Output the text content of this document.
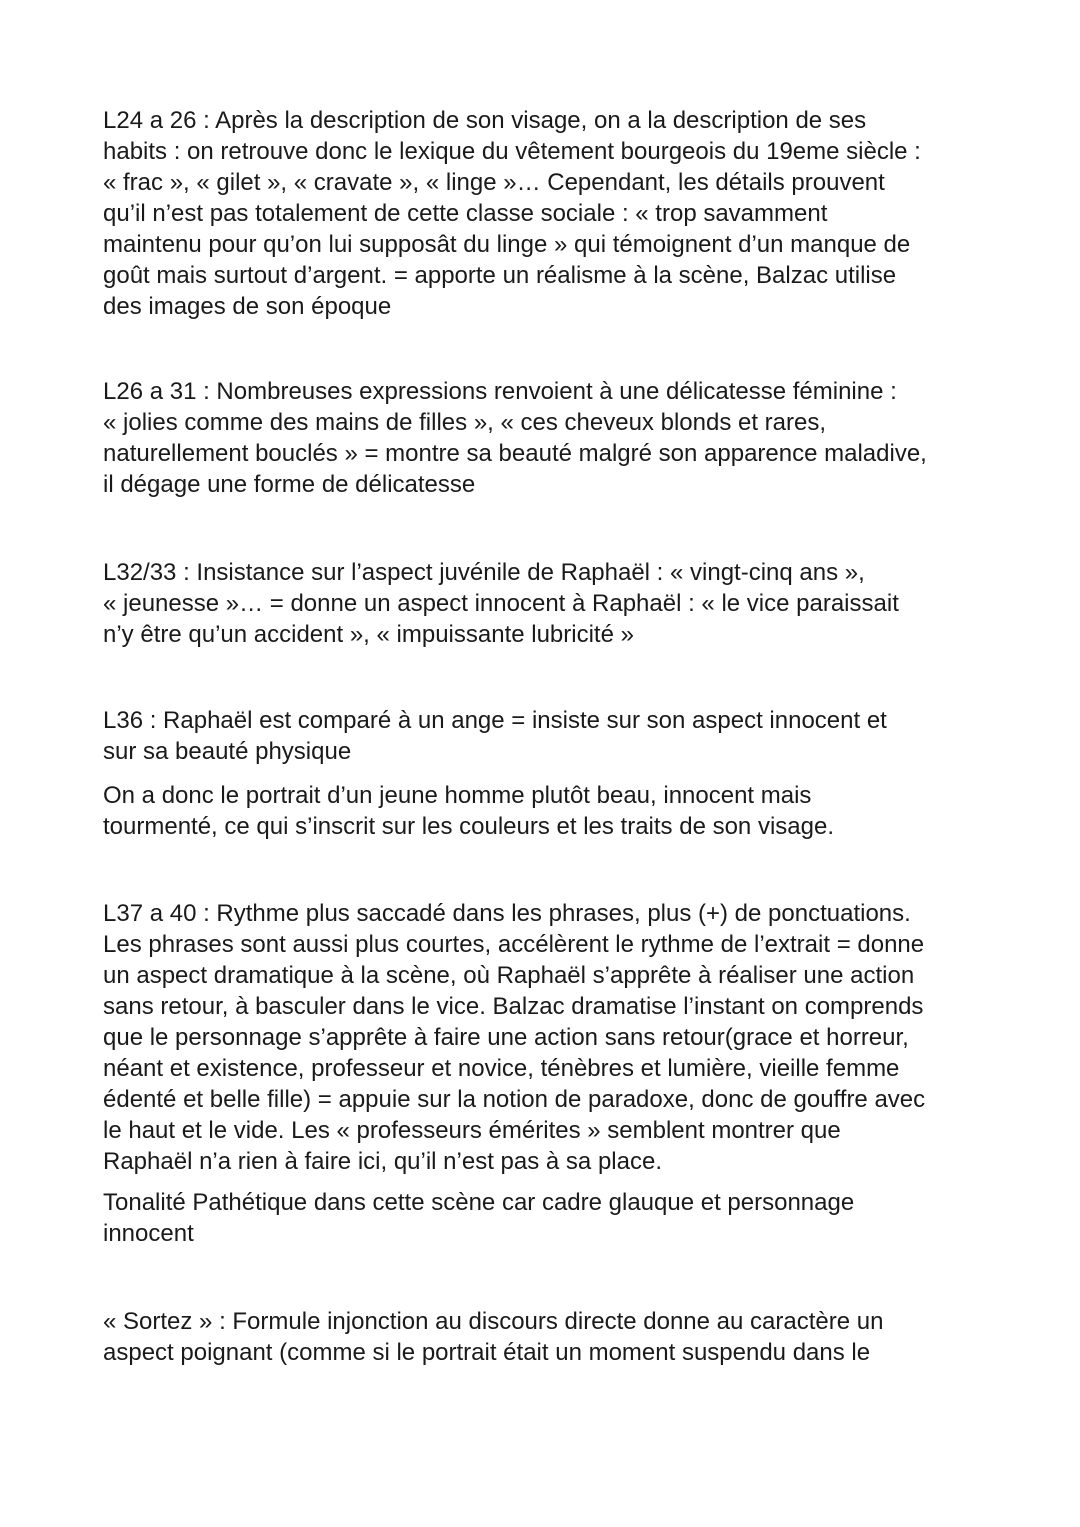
L24 a 26 : Après la description de son visage, on a la description de ses
habits : on retrouve donc le lexique du vêtement bourgeois du 19eme siècle :
« frac », « gilet », « cravate », « linge »… Cependant, les détails prouvent
qu’il n’est pas totalement de cette classe sociale : « trop savamment
maintenu pour qu’on lui supposât du linge » qui témoignent d’un manque de
goût mais surtout d’argent. = apporte un réalisme à la scène, Balzac utilise
des images de son époque
L26 a 31 : Nombreuses expressions renvoient à une délicatesse féminine :
« jolies comme des mains de filles », « ces cheveux blonds et rares,
naturellement bouclés » = montre sa beauté malgré son apparence maladive,
il dégage une forme de délicatesse
L32/33 : Insistance sur l’aspect juvénile de Raphaël : « vingt-cinq ans »,
« jeunesse »… = donne un aspect innocent à Raphaël : « le vice paraissait
n’y être qu’un accident », « impuissante lubricité »
L36 : Raphaël est comparé à un ange = insiste sur son aspect innocent et
sur sa beauté physique
On a donc le portrait d’un jeune homme plutôt beau, innocent mais
tourmenté, ce qui s’inscrit sur les couleurs et les traits de son visage.
L37 a 40 : Rythme plus saccadé dans les phrases, plus (+) de ponctuations.
Les phrases sont aussi plus courtes, accélèrent le rythme de l’extrait = donne
un aspect dramatique à la scène, où Raphaël s’apprête à réaliser une action
sans retour, à basculer dans le vice. Balzac dramatise l’instant on comprends
que le personnage s’apprête à faire une action sans retour(grace et horreur,
néant et existence, professeur et novice, ténèbres et lumière, vieille femme
édenté et belle fille) = appuie sur la notion de paradoxe, donc de gouffre avec
le haut et le vide. Les « professeurs émérites » semblent montrer que
Raphaël n’a rien à faire ici, qu’il n’est pas à sa place.
Tonalité Pathétique dans cette scène car cadre glauque et personnage
innocent
« Sortez » : Formule injonction au discours directe donne au caractère un
aspect poignant (comme si le portrait était un moment suspendu dans le
